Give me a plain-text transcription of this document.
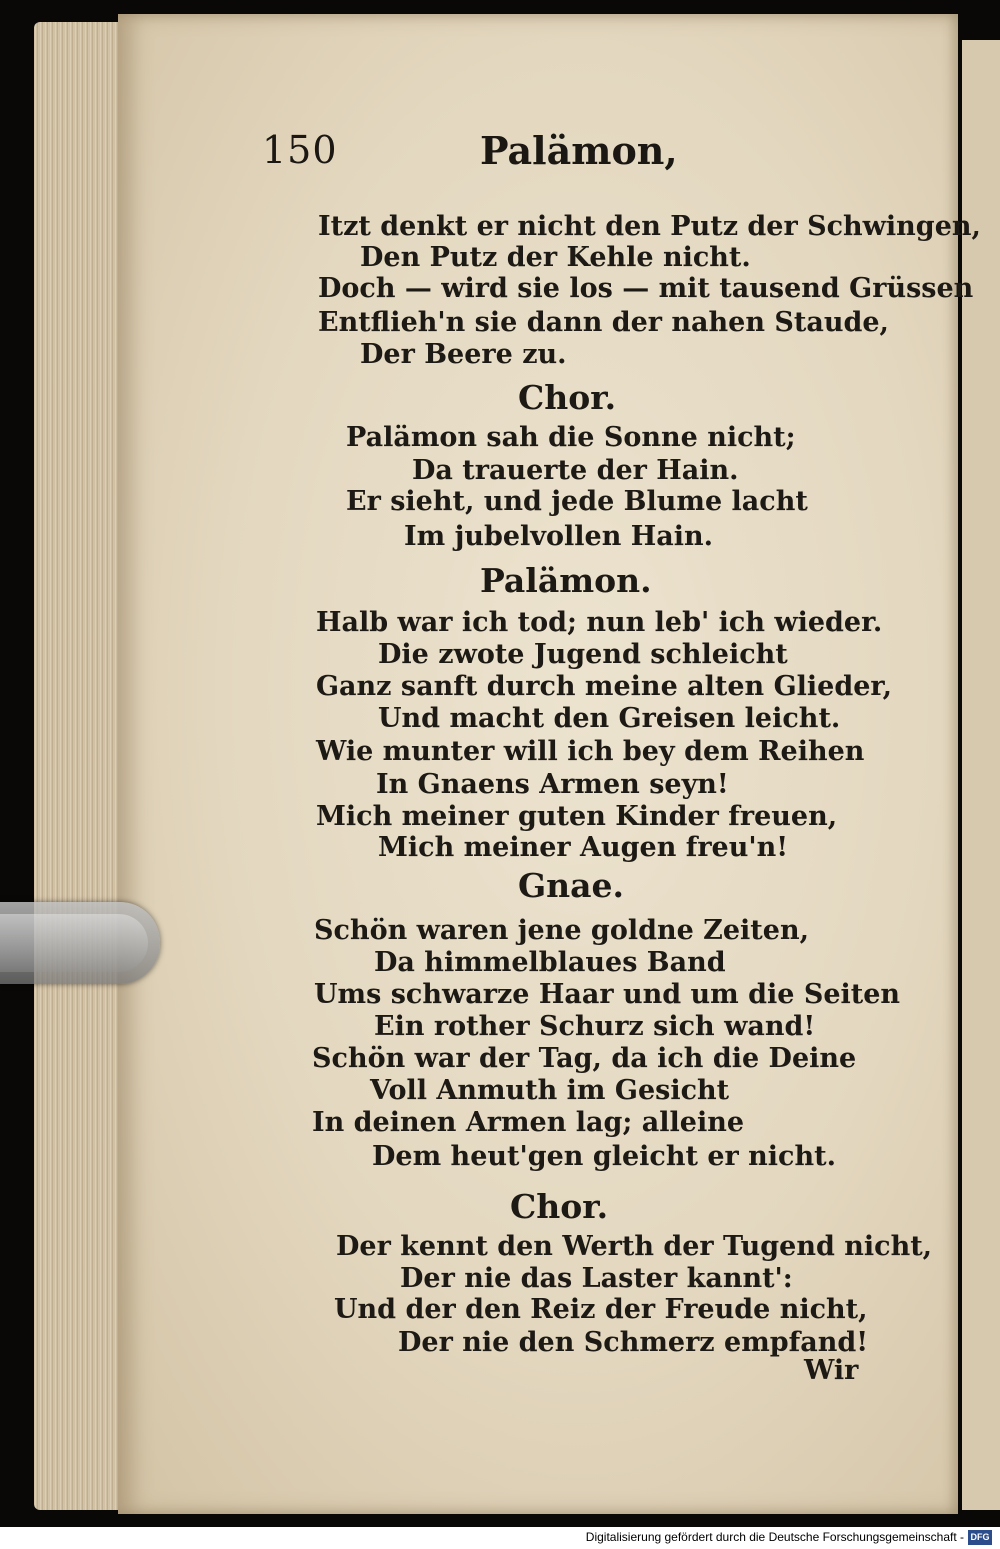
150	Palämon,
Itzt denkt er nicht den Putz der Schwingen,
Den Putz der Kehle nicht.
Doch — wird sie los — mit tausend Grüssen
Entflieh'n sie dann der nahen Staude,
Der Beere zu.
Chor.
Palämon sah die Sonne nicht;
Da trauerte der Hain.
Er sieht, und jede Blume lacht
Im jubelvollen Hain.
Palämon.
Halb war ich tod; nun leb' ich wieder.
Die zwote Jugend schleicht
Ganz sanft durch meine alten Glieder,
Und macht den Greisen leicht.
Wie munter will ich bey dem Reihen
In Gnaens Armen seyn!
Mich meiner guten Kinder freuen,
Mich meiner Augen freu'n!
Gnae.
Schön waren jene goldne Zeiten,
Da himmelblaues Band
Ums schwarze Haar und um die Seiten
Ein rother Schurz sich wand!
Schön war der Tag, da ich die Deine
Voll Anmuth im Gesicht
In deinen Armen lag; alleine
Dem heut'gen gleicht er nicht.
Chor.
Der kennt den Werth der Tugend nicht,
Der nie das Laster kannt':
Und der den Reiz der Freude nicht,
Der nie den Schmerz empfand!
Wir
Digitalisierung gefördert durch die Deutsche Forschungsgemeinschaft - DFG
